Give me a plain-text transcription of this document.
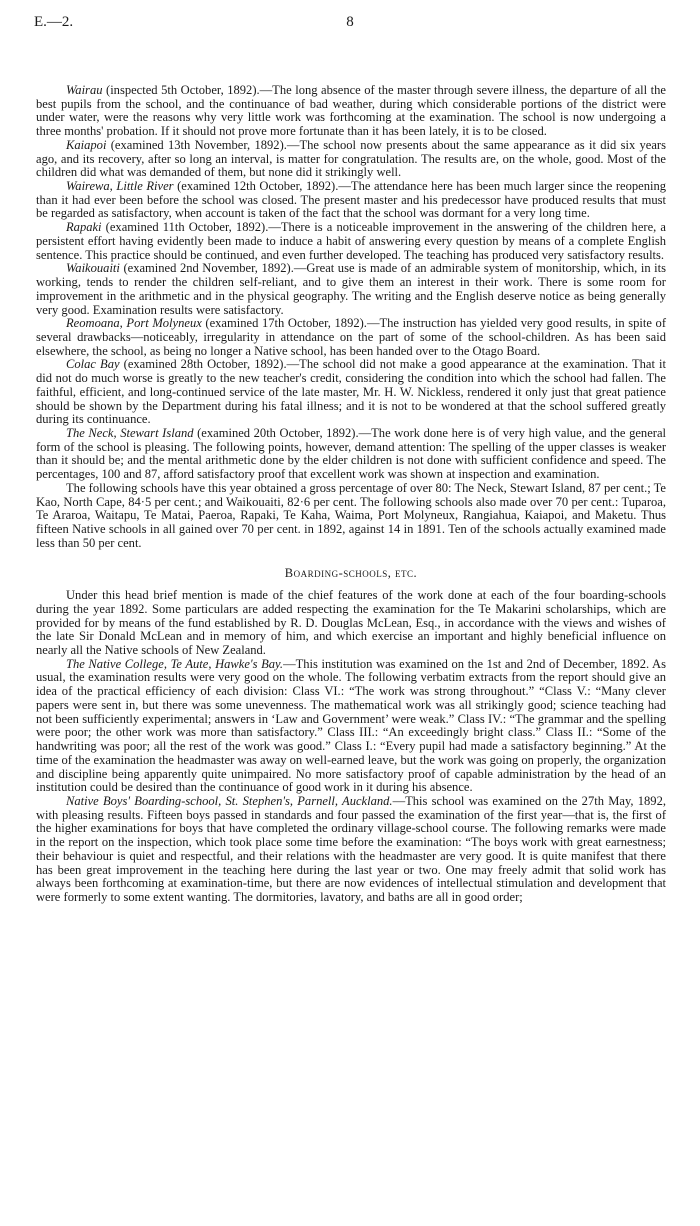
E.—2.	8

Wairau (inspected 5th October, 1892).—The long absence of the master through severe illness, the departure of all the best pupils from the school, and the continuance of bad weather, during which considerable portions of the district were under water, were the reasons why very little work was forthcoming at the examination. The school is now undergoing a three months' probation. If it should not prove more fortunate than it has been lately, it is to be closed.

Kaiapoi (examined 13th November, 1892).—The school now presents about the same appearance as it did six years ago, and its recovery, after so long an interval, is matter for congratulation. The results are, on the whole, good. Most of the children did what was demanded of them, but none did it strikingly well.

Wairewa, Little River (examined 12th October, 1892).—The attendance here has been much larger since the reopening than it had ever been before the school was closed. The present master and his predecessor have produced results that must be regarded as satisfactory, when account is taken of the fact that the school was dormant for a very long time.

Rapaki (examined 11th October, 1892).—There is a noticeable improvement in the answering of the children here, a persistent effort having evidently been made to induce a habit of answering every question by means of a complete English sentence. This practice should be continued, and even further developed. The teaching has produced very satisfactory results.

Waikouaiti (examined 2nd November, 1892).—Great use is made of an admirable system of monitorship, which, in its working, tends to render the children self-reliant, and to give them an interest in their work. There is some room for improvement in the arithmetic and in the physical geography. The writing and the English deserve notice as being generally very good. Examination results were satisfactory.

Reomoana, Port Molyneux (examined 17th October, 1892).—The instruction has yielded very good results, in spite of several drawbacks—noticeably, irregularity in attendance on the part of some of the school-children. As has been said elsewhere, the school, as being no longer a Native school, has been handed over to the Otago Board.

Colac Bay (examined 28th October, 1892).—The school did not make a good appearance at the examination. That it did not do much worse is greatly to the new teacher's credit, considering the condition into which the school had fallen. The faithful, efficient, and long-continued service of the late master, Mr. H. W. Nickless, rendered it only just that great patience should be shown by the Department during his fatal illness; and it is not to be wondered at that the school suffered greatly during its continuance.

The Neck, Stewart Island (examined 20th October, 1892).—The work done here is of very high value, and the general form of the school is pleasing. The following points, however, demand attention: The spelling of the upper classes is weaker than it should be; and the mental arithmetic done by the elder children is not done with sufficient confidence and speed. The percentages, 100 and 87, afford satisfactory proof that excellent work was shown at inspection and examination.

The following schools have this year obtained a gross percentage of over 80: The Neck, Stewart Island, 87 per cent.; Te Kao, North Cape, 84·5 per cent.; and Waikouaiti, 82·6 per cent. The following schools also made over 70 per cent.: Tuparoa, Te Araroa, Waitapu, Te Matai, Paeroa, Rapaki, Te Kaha, Waima, Port Molyneux, Rangiahua, Kaiapoi, and Maketu. Thus fifteen Native schools in all gained over 70 per cent. in 1892, against 14 in 1891. Ten of the schools actually examined made less than 50 per cent.

Boarding-schools, etc.

Under this head brief mention is made of the chief features of the work done at each of the four boarding-schools during the year 1892. Some particulars are added respecting the examination for the Te Makarini scholarships, which are provided for by means of the fund established by R. D. Douglas McLean, Esq., in accordance with the views and wishes of the late Sir Donald McLean and in memory of him, and which exercise an important and highly beneficial influence on nearly all the Native schools of New Zealand.

The Native College, Te Aute, Hawke's Bay.—This institution was examined on the 1st and 2nd of December, 1892. As usual, the examination results were very good on the whole. The following verbatim extracts from the report should give an idea of the practical efficiency of each division: Class VI.: “The work was strong throughout.” “Class V.: “Many clever papers were sent in, but there was some unevenness. The mathematical work was all strikingly good; science teaching had not been sufficiently experimental; answers in ‘Law and Government’ were weak.” Class IV.: “The grammar and the spelling were poor; the other work was more than satisfactory.” Class III.: “An exceedingly bright class.” Class II.: “Some of the handwriting was poor; all the rest of the work was good.” Class I.: “Every pupil had made a satisfactory beginning.” At the time of the examination the headmaster was away on well-earned leave, but the work was going on properly, the organization and discipline being apparently quite unimpaired. No more satisfactory proof of capable administration by the head of an institution could be desired than the continuance of good work in it during his absence.

Native Boys' Boarding-school, St. Stephen's, Parnell, Auckland.—This school was examined on the 27th May, 1892, with pleasing results. Fifteen boys passed in standards and four passed the examination of the first year—that is, the first of the higher examinations for boys that have completed the ordinary village-school course. The following remarks were made in the report on the inspection, which took place some time before the examination: “The boys work with great earnestness; their behaviour is quiet and respectful, and their relations with the headmaster are very good. It is quite manifest that there has been great improvement in the teaching here during the last year or two. One may freely admit that solid work has always been forthcoming at examination-time, but there are now evidences of intellectual stimulation and development that were formerly to some extent wanting. The dormitories, lavatory, and baths are all in good order;
